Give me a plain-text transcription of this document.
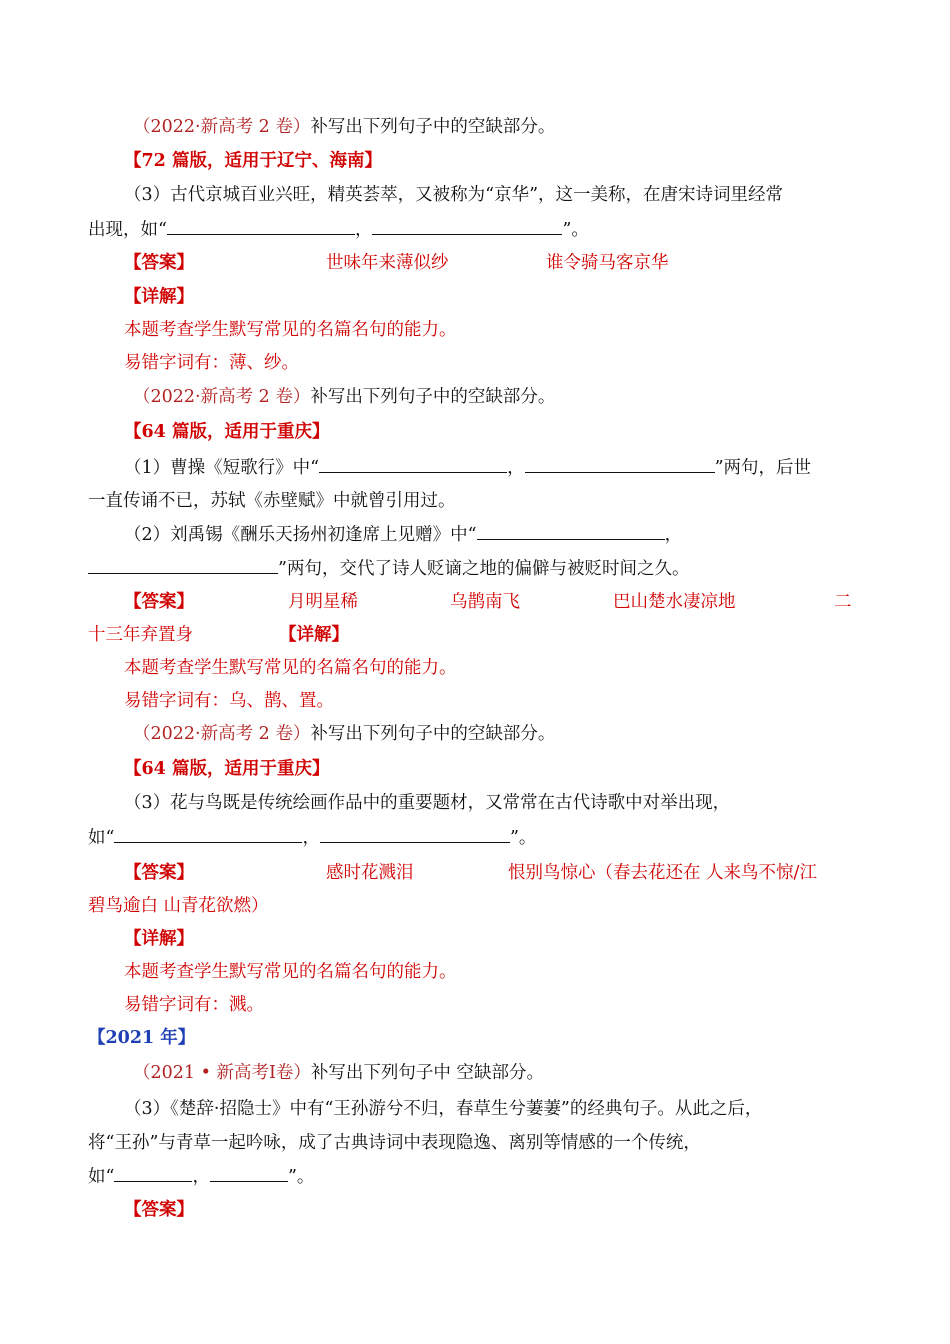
（2022·新高考 2 卷）补写出下列句子中的空缺部分。
【72 篇版，适用于辽宁、海南】
（3）古代京城百业兴旺，精英荟萃，又被称为“京华”，这一美称，在唐宋诗词里经常
出现，如“	，	”。
【答案】	世味年来薄似纱	谁令骑马客京华
【详解】
本题考查学生默写常见的名篇名句的能力。
易错字词有：薄、纱。
（2022·新高考 2 卷）补写出下列句子中的空缺部分。
【64 篇版，适用于重庆】
（1）曹操《短歌行》中“	，	”两句，后世
一直传诵不已，苏轼《赤壁赋》中就曾引用过。
（2）刘禹锡《酬乐天扬州初逢席上见赠》中“	，
”两句，交代了诗人贬谪之地的偏僻与被贬时间之久。
【答案】	月明星稀	乌鹊南飞	巴山楚水凄凉地	二
十三年弃置身	【详解】
本题考查学生默写常见的名篇名句的能力。
易错字词有：乌、鹊、置。
（2022·新高考 2 卷）补写出下列句子中的空缺部分。
【64 篇版，适用于重庆】
（3）花与鸟既是传统绘画作品中的重要题材，又常常在古代诗歌中对举出现，
如“	，	”。
【答案】	感时花溅泪	恨别鸟惊心（春去花还在 人来鸟不惊/江
碧鸟逾白 山青花欲燃）
【详解】
本题考查学生默写常见的名篇名句的能力。
易错字词有：溅。
【2021 年】
（2021 • 新高考Ⅰ卷）补写出下列句子中 空缺部分。
（3）《楚辞·招隐士》中有“王孙游兮不归，春草生兮萋萋”的经典句子。从此之后，
将“王孙”与青草一起吟咏，成了古典诗词中表现隐逸、离别等情感的一个传统，
如“	，	”。
【答案】
